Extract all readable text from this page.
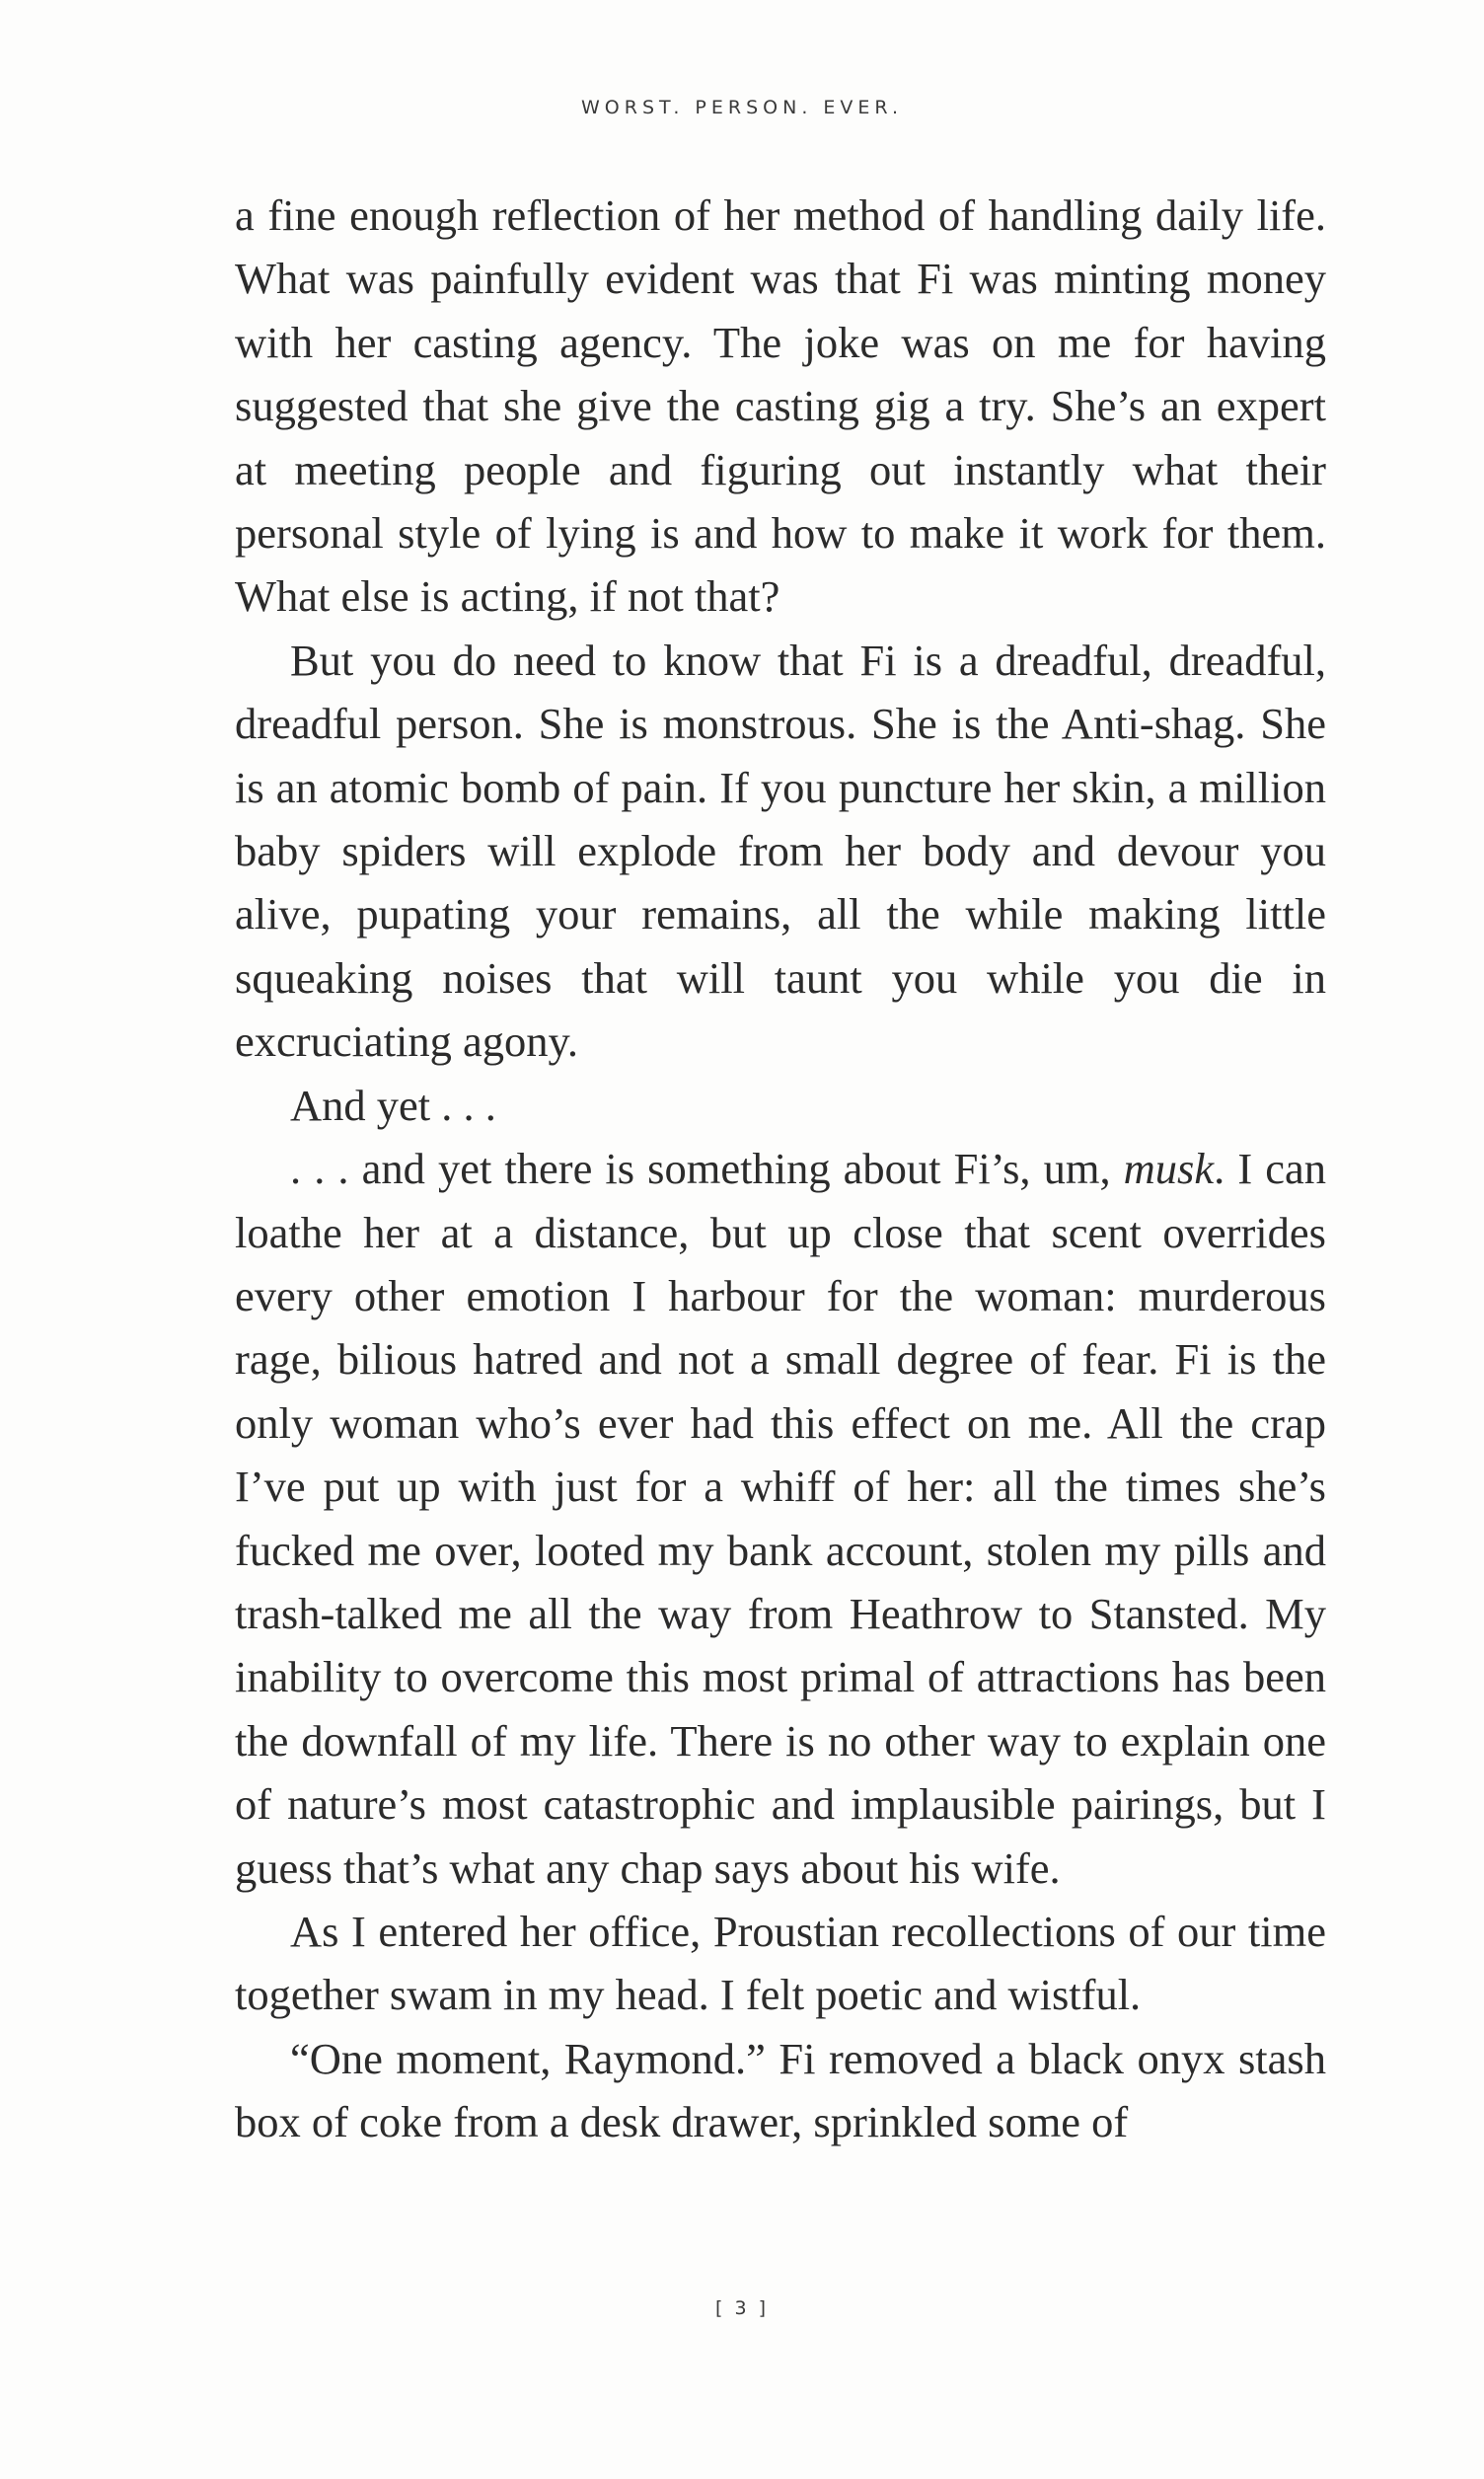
WORST. PERSON. EVER.

a fine enough reflection of her method of handling daily life. What was painfully evident was that Fi was minting money with her casting agency. The joke was on me for having suggested that she give the casting gig a try. She’s an expert at meeting people and figuring out instantly what their personal style of lying is and how to make it work for them. What else is acting, if not that?

But you do need to know that Fi is a dreadful, dreadful, dreadful person. She is monstrous. She is the Anti-shag. She is an atomic bomb of pain. If you puncture her skin, a million baby spiders will explode from her body and devour you alive, pupating your remains, all the while making little squeaking noises that will taunt you while you die in excruciating agony.

And yet . . .

. . . and yet there is something about Fi’s, um, musk. I can loathe her at a distance, but up close that scent overrides every other emotion I harbour for the woman: murderous rage, bilious hatred and not a small degree of fear. Fi is the only woman who’s ever had this effect on me. All the crap I’ve put up with just for a whiff of her: all the times she’s fucked me over, looted my bank account, stolen my pills and trash-talked me all the way from Heathrow to Stansted. My inability to overcome this most primal of attractions has been the downfall of my life. There is no other way to explain one of nature’s most catastrophic and implausible pairings, but I guess that’s what any chap says about his wife.

As I entered her office, Proustian recollections of our time together swam in my head. I felt poetic and wistful.

“One moment, Raymond.” Fi removed a black onyx stash box of coke from a desk drawer, sprinkled some of

[ 3 ]
